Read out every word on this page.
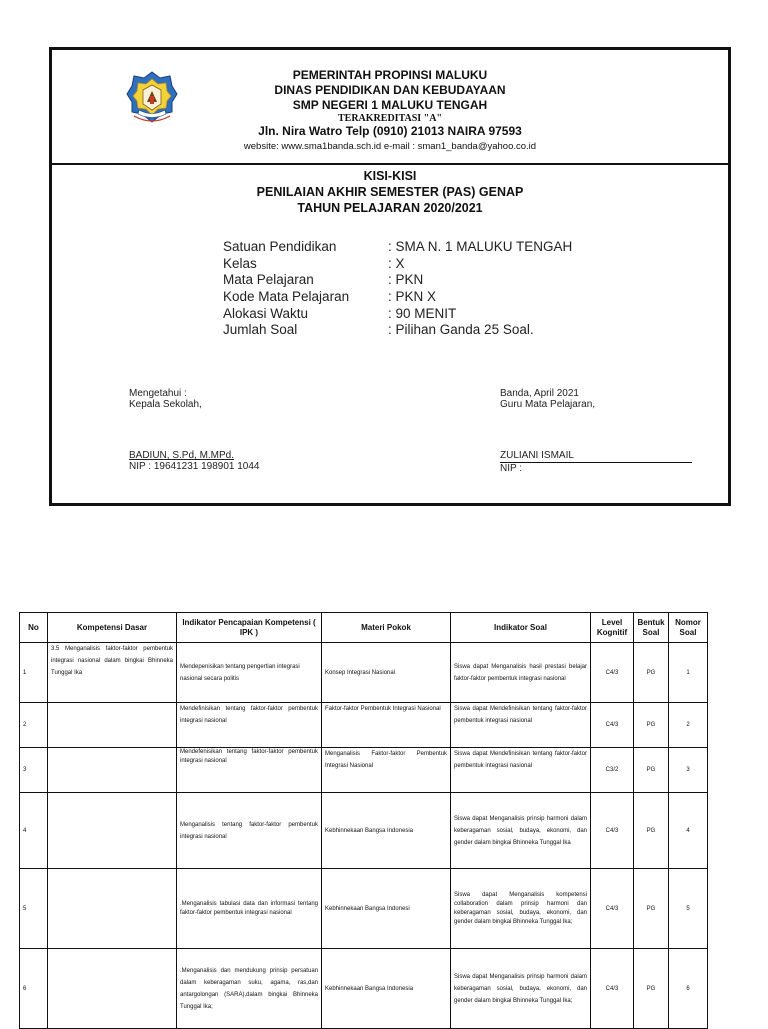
PEMERINTAH PROPINSI MALUKU
DINAS PENDIDIKAN DAN KEBUDAYAAN
SMP NEGERI 1 MALUKU TENGAH
TERAKREDITASI "A"
Jln. Nira Watro Telp (0910) 21013 NAIRA 97593
website: www.sma1banda.sch.id e-mail : sman1_banda@yahoo.co.id
KISI-KISI
PENILAIAN AKHIR SEMESTER (PAS) GENAP
TAHUN PELAJARAN 2020/2021
Satuan Pendidikan	: SMA N. 1 MALUKU TENGAH
Kelas	: X
Mata Pelajaran	: PKN
Kode Mata Pelajaran	: PKN X
Alokasi Waktu	: 90 MENIT
Jumlah Soal	: Pilihan Ganda 25 Soal.
Mengetahui :
Kepala Sekolah,
BADIUN, S.Pd, M.MPd.
NIP : 19641231 198901 1044
Banda, April 2021
Guru Mata Pelajaran,
ZULIANI ISMAIL
NIP :
No	Kompetensi Dasar	Indikator Pencapaian Kompetensi ( IPK )	Materi Pokok	Indikator Soal	Level Kognitif	Bentuk Soal	Nomor Soal
1	3.5 Menganalisis faktor-faktor pembentuk integrasi nasional dalam bingkai Bhinneka Tunggal Ika	Mendepenisikan tentang pengertian integrasi nasional secara politis	Konsep Integrasi Nasional	Siswa dapat Menganalisis hasil prestasi belajar faktor-faktor pembentuk integrasi nasional	C4/3	PG	1
2		Mendefinisikan tentang faktor-faktor pembentuk integrasi nasional	Faktor-faktor Pembentuk Integrasi Nasional	Siswa dapat Mendefinisikan tentang faktor-faktor pembentuk integrasi nasional	C4/3	PG	2
3		Mendefenisikan tentang faktor-faktor pembentuk integrasi nasional	Menganalisis Faktor-faktor Pembentuk Integrasi Nasional	Siswa dapat Mendefinisikan tentang faktor-faktor pembentuk integrasi nasional	C3/2	PG	3
4		Menganalisis tentang faktor-faktor pembentuk integrasi nasional	Kebhinnekaan Bangsa Indonesia	Siswa dapat Menganalisis prinsip harmoni dalam keberagaman sosial, budaya, ekonomi, dan gender dalam bingkai Bhinneka Tunggal Ika	C4/3	PG	4
5		.Menganalisis tabulasi data dan informasi tentang faktor-faktor pembentuk integrasi nasional	Kebhinnekaan Bangsa Indonesi	Siswa dapat Menganalisis kompetensi collaboration dalam prinsip harmoni dan keberagaman sosial, budaya, ekonomi, dan gender dalam bingkai Bhinneka Tunggal Ika;	C4/3	PG	5
6		.Menganalisis dan mendukung prinsip persatuan dalam keberagaman suku, agama, ras,dan antargolongan (SARA),dalam bingkai Bhinneka Tunggal Ika;	Kebhinnekaan Bangsa Indonesia	Siswa dapat Menganalisis prinsip harmoni dalam keberagaman sosial, budaya, ekonomi, dan gender dalam bingkai Bhinneka Tunggal Ika;	C4/3	PG	6
